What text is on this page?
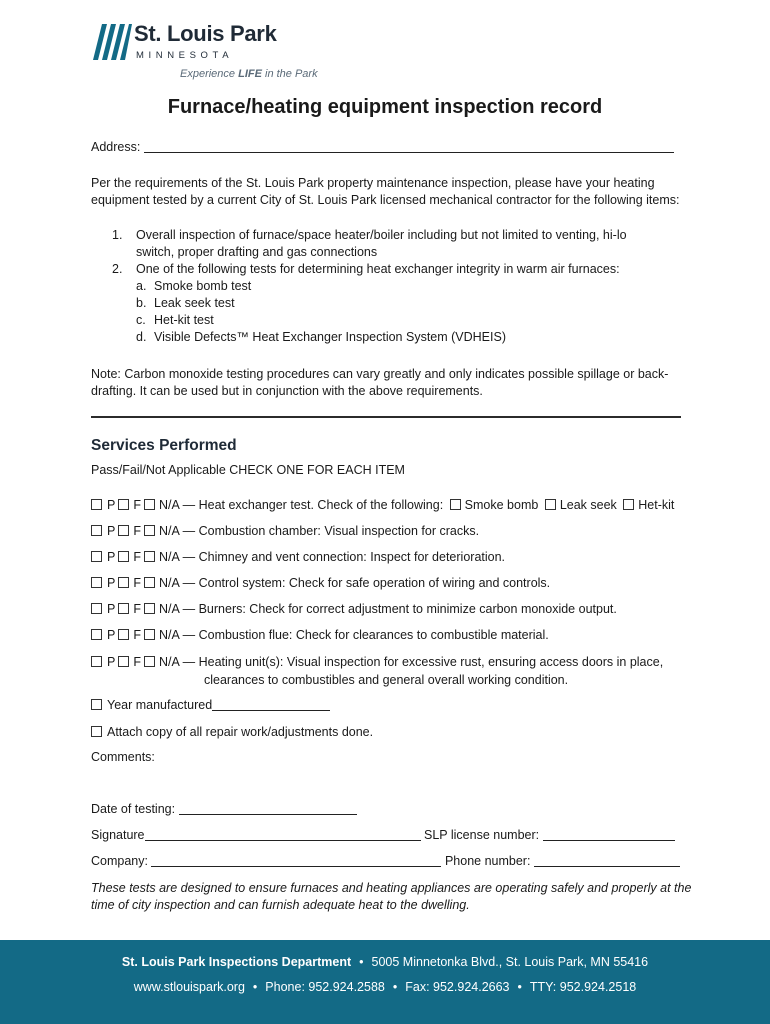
St. Louis Park
MINNESOTA
Experience LIFE in the Park
Furnace/heating equipment inspection record
Address:
Per the requirements of the St. Louis Park property maintenance inspection, please have your heating equipment tested by a current City of St. Louis Park licensed mechanical contractor for the following items:
1. Overall inspection of furnace/space heater/boiler including but not limited to venting, hi-lo
switch, proper drafting and gas connections
2. One of the following tests for determining heat exchanger integrity in warm air furnaces:
a. Smoke bomb test
b. Leak seek test
c. Het-kit test
d. Visible Defects™ Heat Exchanger Inspection System (VDHEIS)
Note: Carbon monoxide testing procedures can vary greatly and only indicates possible spillage or back-drafting. It can be used but in conjunction with the above requirements.
Services Performed
Pass/Fail/Not Applicable CHECK ONE FOR EACH ITEM
P F N/A — Heat exchanger test. Check of the following: Smoke bomb Leak seek Het-kit
P F N/A — Combustion chamber: Visual inspection for cracks.
P F N/A — Chimney and vent connection: Inspect for deterioration.
P F N/A — Control system: Check for safe operation of wiring and controls.
P F N/A — Burners: Check for correct adjustment to minimize carbon monoxide output.
P F N/A — Combustion flue: Check for clearances to combustible material.
P F N/A — Heating unit(s): Visual inspection for excessive rust, ensuring access doors in place,
clearances to combustibles and general overall working condition.
Year manufactured
Attach copy of all repair work/adjustments done.
Comments:
Date of testing:
Signature	SLP license number:
Company:	Phone number:
These tests are designed to ensure furnaces and heating appliances are operating safely and properly at the time of city inspection and can furnish adequate heat to the dwelling.
St. Louis Park Inspections Department • 5005 Minnetonka Blvd., St. Louis Park, MN 55416
www.stlouispark.org • Phone: 952.924.2588 • Fax: 952.924.2663 • TTY: 952.924.2518
